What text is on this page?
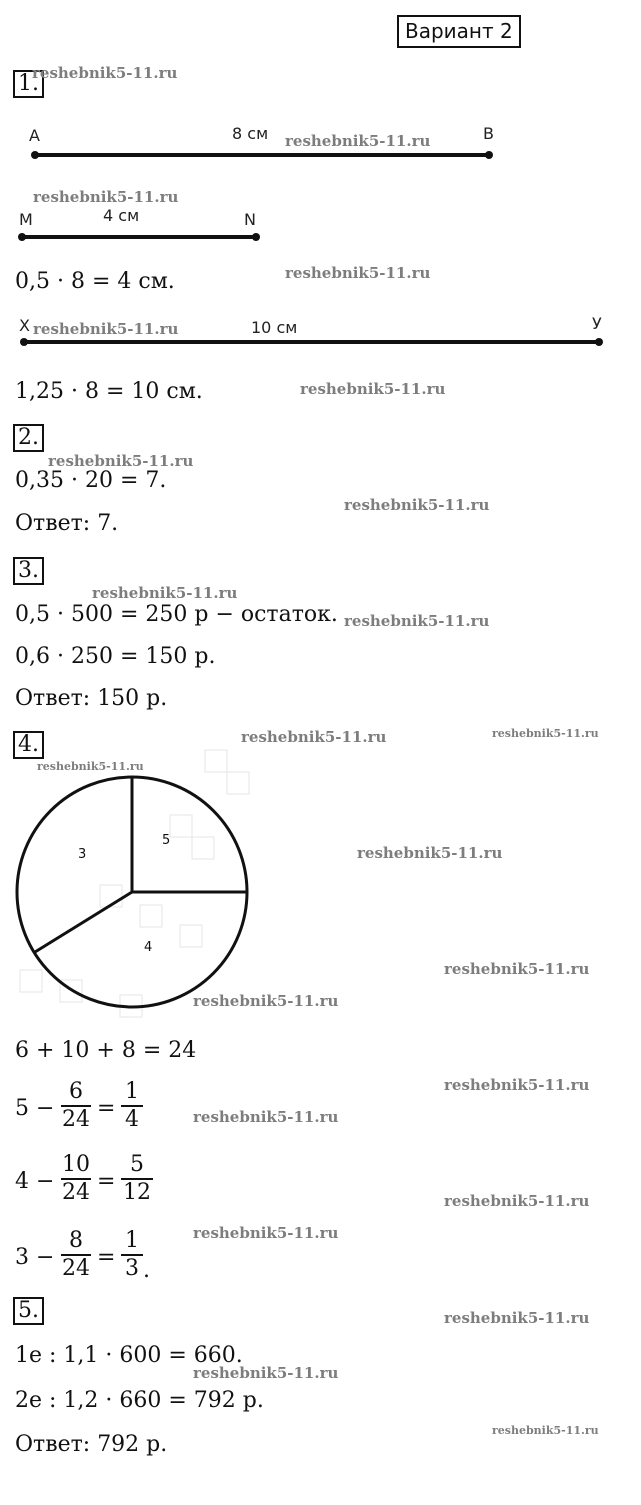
Вариант 2
1.
A	8 см	B
M	4 см	N
0,5 · 8 = 4 см.
X	10 см	У
1,25 · 8 = 10 см.
2.
0,35 · 20 = 7.
Ответ: 7.
3.
0,5 · 500 = 250 р − остаток.
0,6 · 250 = 150 р.
Ответ: 150 р.
4.
5
3
4
6 + 10 + 8 = 24
5 −
6
24 =
1
4
4 −
10
24 =
5
12
3 −
8
24 =
1
3 .
5.
1е : 1,1 · 600 = 660.
2е : 1,2 · 660 = 792 р.
Ответ: 792 р.
reshebnik5-11.ru
reshebnik5-11.ru
reshebnik5-11.ru
reshebnik5-11.ru
reshebnik5-11.ru
reshebnik5-11.ru
reshebnik5-11.ru
reshebnik5-11.ru
reshebnik5-11.ru
reshebnik5-11.ru
reshebnik5-11.ru	reshebnik5-11.ru
reshebnik5-11.ru
reshebnik5-11.ru
reshebnik5-11.ru
reshebnik5-11.ru
reshebnik5-11.ru
reshebnik5-11.ru
reshebnik5-11.ru
reshebnik5-11.ru
reshebnik5-11.ru
reshebnik5-11.ru
reshebnik5-11.ru
